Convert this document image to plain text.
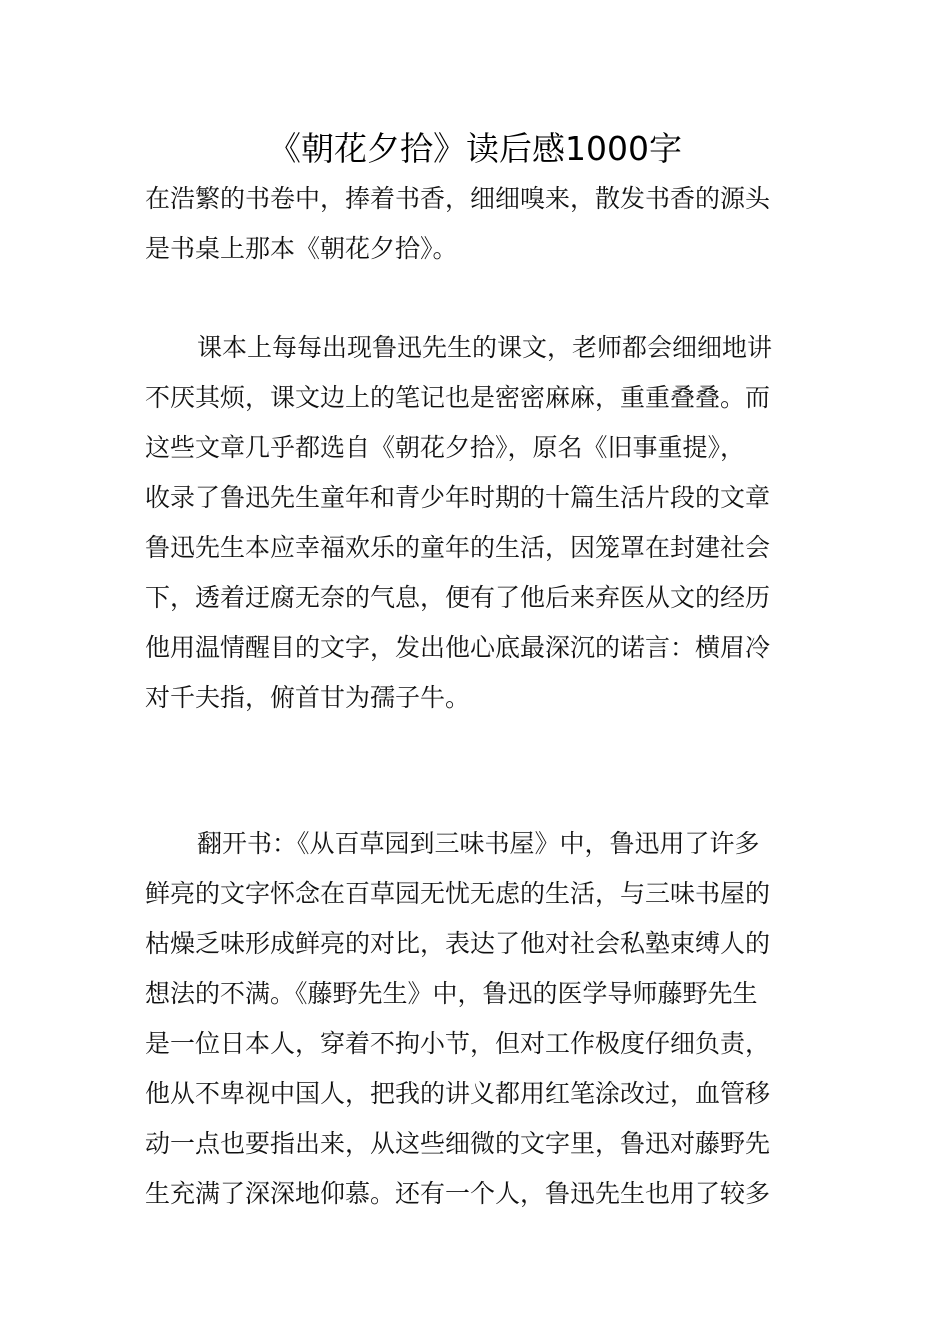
《朝花夕拾》读后感1000字
在浩繁的书卷中，捧着书香，细细嗅来，散发书香的源头
是书桌上那本《朝花夕拾》。
课本上每每出现鲁迅先生的课文，老师都会细细地讲
不厌其烦，课文边上的笔记也是密密麻麻，重重叠叠。而
这些文章几乎都选自《朝花夕拾》，原名《旧事重提》，
收录了鲁迅先生童年和青少年时期的十篇生活片段的文章
鲁迅先生本应幸福欢乐的童年的生活，因笼罩在封建社会
下，透着迂腐无奈的气息，便有了他后来弃医从文的经历
他用温情醒目的文字，发出他心底最深沉的诺言：横眉冷
对千夫指，俯首甘为孺子牛。
翻开书：《从百草园到三味书屋》中，鲁迅用了许多
鲜亮的文字怀念在百草园无忧无虑的生活，与三味书屋的
枯燥乏味形成鲜亮的对比，表达了他对社会私塾束缚人的
想法的不满。《藤野先生》中，鲁迅的医学导师藤野先生
是一位日本人，穿着不拘小节，但对工作极度仔细负责，
他从不卑视中国人，把我的讲义都用红笔涂改过，血管移
动一点也要指出来，从这些细微的文字里，鲁迅对藤野先
生充满了深深地仰慕。还有一个人，鲁迅先生也用了较多
